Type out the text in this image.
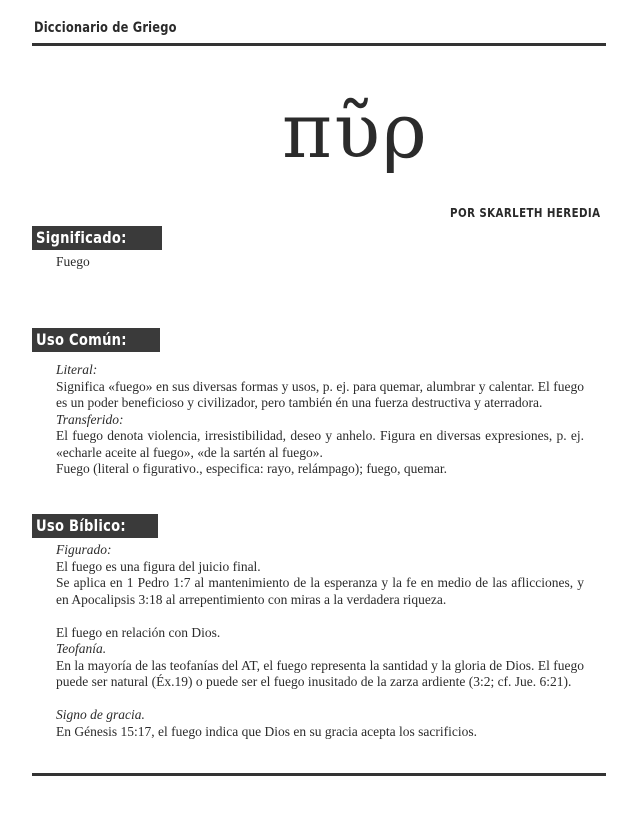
Diccionario de Griego
πῦρ

POR SKARLETH HEREDIA

Significado:

Fuego

Uso Común:

Literal:

Significa «fuego» en sus diversas formas y usos, p. ej. para quemar, alumbrar y calentar. El fuego es un poder beneficioso y civilizador, pero también én una fuerza destructiva y aterradora.

Transferido:

El fuego denota violencia, irresistibilidad, deseo y anhelo. Figura en diversas expresiones, p. ej. «echarle aceite al fuego», «de la sartén al fuego».

Fuego (literal o figurativo., especifica: rayo, relámpago); fuego, quemar.

Uso Bíblico:

Figurado:

El fuego es una figura del juicio final.

Se aplica en 1 Pedro 1:7 al mantenimiento de la esperanza y la fe en medio de las aflicciones, y en Apocalipsis 3:18 al arrepentimiento con miras a la verdadera riqueza.

El fuego en relación con Dios.

Teofanía.

En la mayoría de las teofanías del AT, el fuego representa la santidad y la gloria de Dios. El fuego puede ser natural (Éx.19) o puede ser el fuego inusitado de la zarza ardiente (3:2; cf. Jue. 6:21).

Signo de gracia.

En Génesis 15:17, el fuego indica que Dios en su gracia acepta los sacrificios.
